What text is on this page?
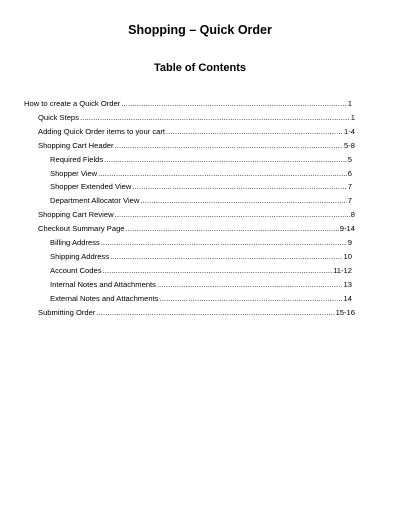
Shopping – Quick Order
Table of Contents
How to create a Quick Order .....	1
Quick Steps .....	1
Adding Quick Order items to your cart .....	1-4
Shopping Cart Header .....	5-8
Required Fields .....	5
Shopper View .....	6
Shopper Extended View .....	7
Department Allocator View .....	7
Shopping Cart Review .....	8
Checkout Summary Page .....	9-14
Billing Address .....	9
Shipping Address .....	10
Account Codes .....	11-12
Internal Notes and Attachments .....	13
External Notes and Attachments .....	14
Submitting Order .....	15-16
